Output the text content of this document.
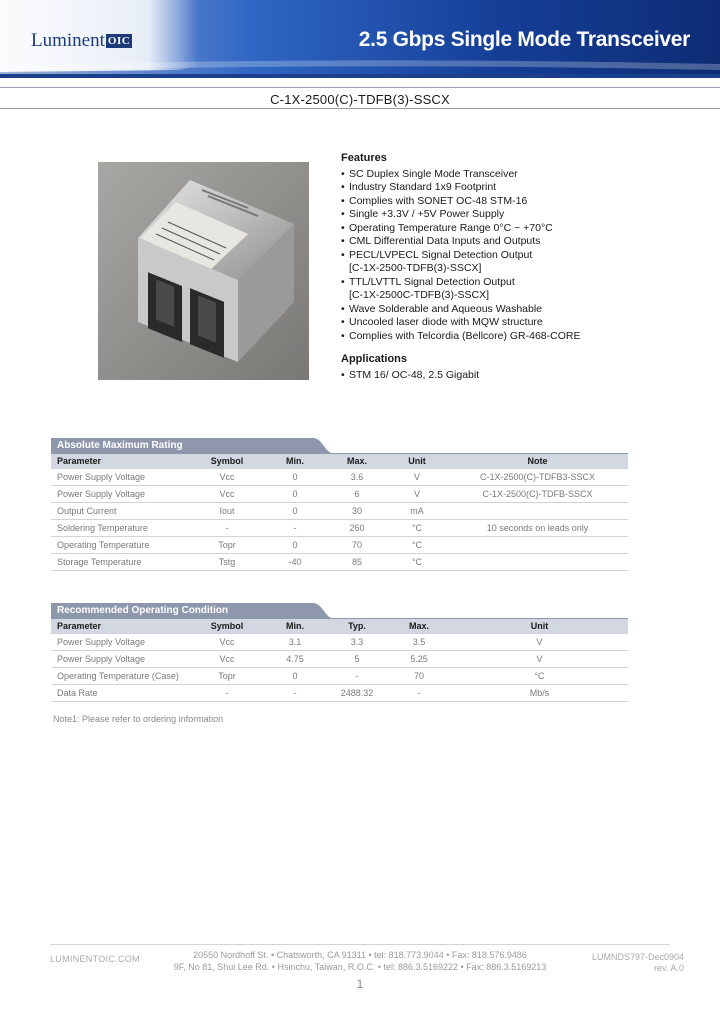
Luminent OIC	2.5 Gbps Single Mode Transceiver
C-1X-2500(C)-TDFB(3)-SSCX
Features
• SC Duplex Single Mode Transceiver
• Industry Standard 1x9 Footprint
• Complies with SONET OC-48 STM-16
• Single +3.3V / +5V Power Supply
• Operating Temperature Range 0°C ~ +70°C
• CML Differential Data Inputs and Outputs
• PECL/LVPECL Signal Detection Output
[C-1X-2500-TDFB(3)-SSCX]
• TTL/LVTTL Signal Detection Output
[C-1X-2500C-TDFB(3)-SSCX]
• Wave Solderable and Aqueous Washable
• Uncooled laser diode with MQW structure
• Complies with Telcordia (Bellcore) GR-468-CORE
Applications
• STM 16/ OC-48, 2.5 Gigabit
Absolute Maximum Rating
Parameter	Symbol	Min.	Max.	Unit	Note
Power Supply Voltage	Vcc	0	3.6	V	C-1X-2500(C)-TDFB3-SSCX
Power Supply Voltage	Vcc	0	6	V	C-1X-2500(C)-TDFB-SSCX
Output Current	Iout	0	30	mA	
Soldering Temperature	-	-	260	°C	10 seconds on leads only
Operating Temperature	Topr	0	70	°C	
Storage Temperature	Tstg	-40	85	°C	
Recommended Operating Condition
Parameter	Symbol	Min.	Typ.	Max.	Unit
Power Supply Voltage	Vcc	3.1	3.3	3.5	V
Power Supply Voltage	Vcc	4.75	5	5.25	V
Operating Temperature (Case)	Topr	0	-	70	°C
Data Rate	-	-	2488.32	-	Mb/s
Note1: Please refer to ordering information
LUMINENTOIC.COM	20550 Nordhoff St. • Chatsworth, CA 91311 • tel: 818.773.9044 • Fax: 818.576.9486
9F, No 81, Shui Lee Rd. • Hsinchu, Taiwan, R.O.C. • tel: 886.3.5169222 • Fax: 886.3.5169213
LUMNDS797-Dec0904
rev. A.0
1
